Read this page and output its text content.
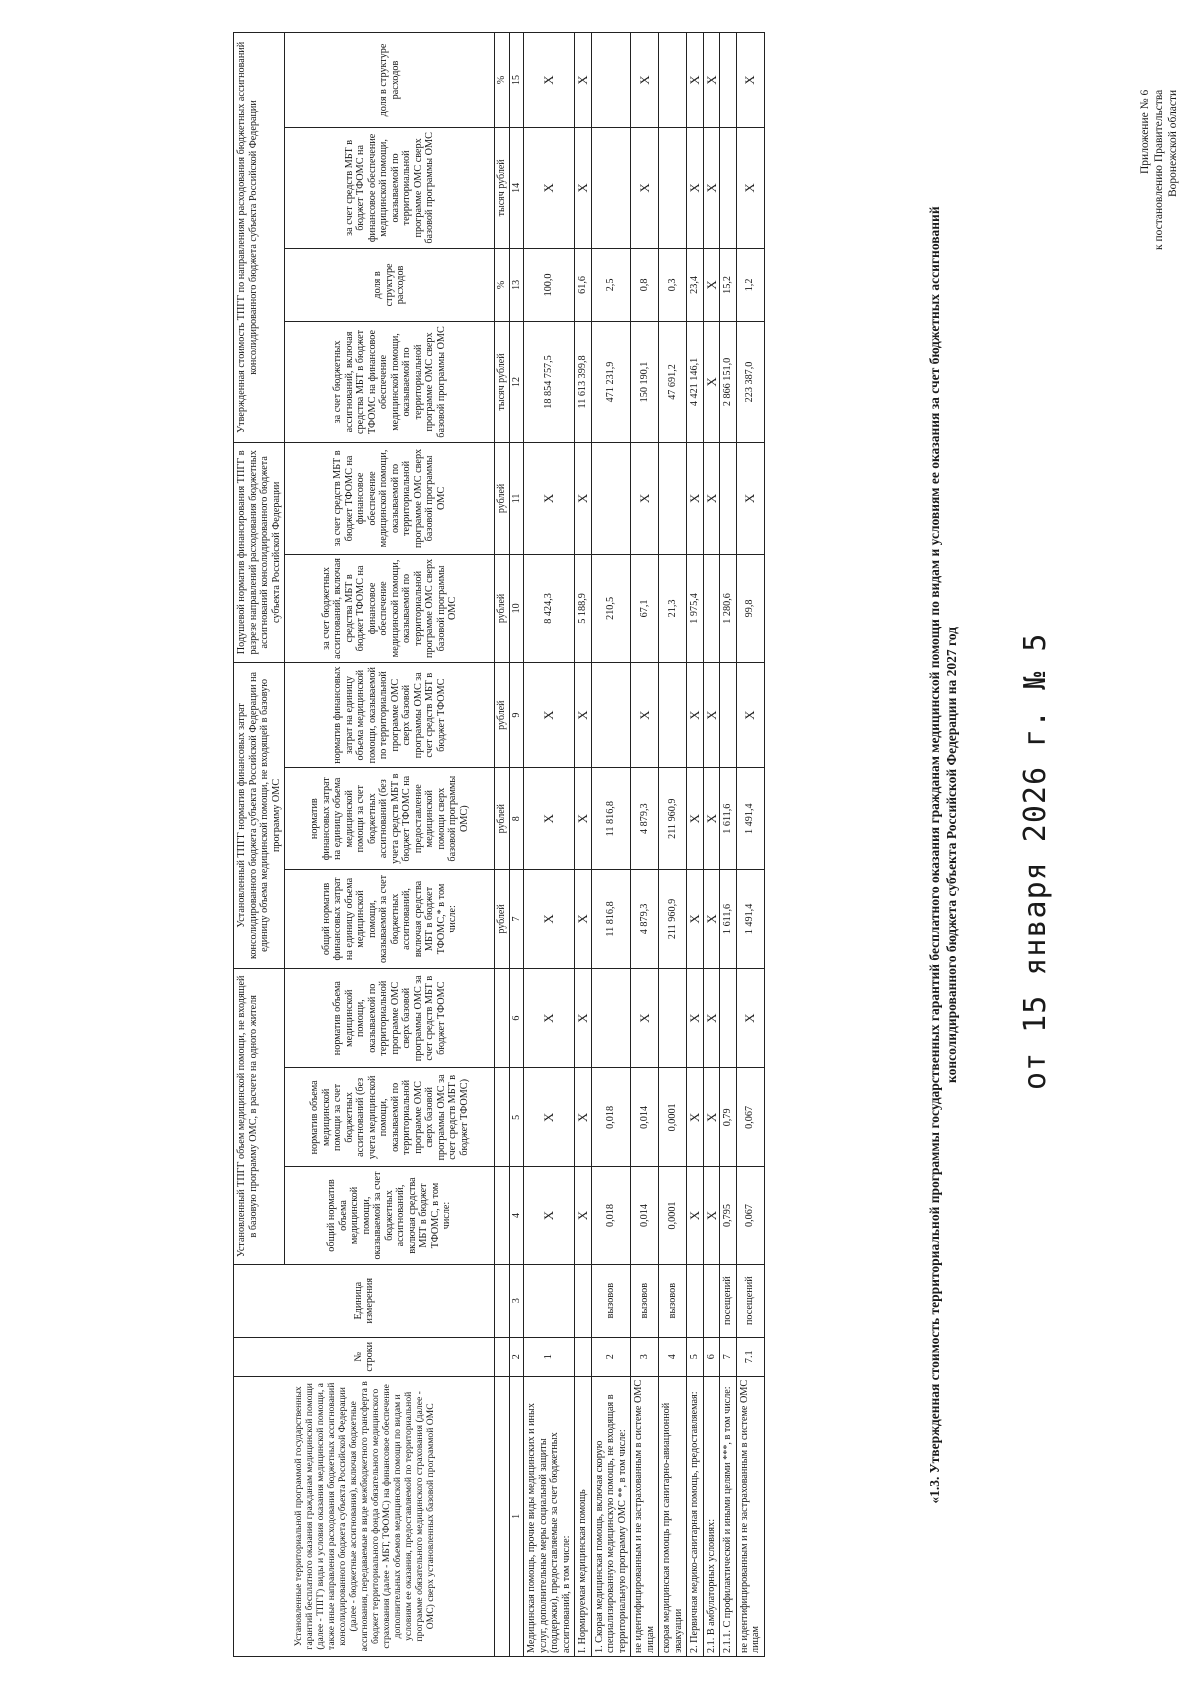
Приложение № 6 к постановлению Правительства Воронежской области
от 15 января 2026 г. № 5
«1.3. Утвержденная стоимость территориальной программы государственных гарантий бесплатного оказания гражданам медицинской помощи по видам и условиям ее оказания за счет бюджетных ассигнований консолидированного бюджета субъекта Российской Федерации на 2027 год
Установленные территориальной программой государственных гарантий бесплатного оказания гражданам медицинской помощи (далее - ТПГГ) виды и условия оказания медицинской помощи, а также иные направления расходования бюджетных ассигнований консолидированного бюджета субъекта Российской Федерации (далее - бюджетные ассигнования), включая бюджетные ассигнования, передаваемые в виде межбюджетного трансферта в бюджет территориального фонда обязательного медицинского страхования (далее - МБТ, ТФОМС) на финансовое обеспечение дополнительных объемов медицинской помощи по видам и условиям ее оказания, предоставляемой по территориальной программе обязательного медицинского страхования (далее - ОМС) сверх установленных базовой программой ОМС	№ строки	Единица измерения	Установленный ТПГГ объем медицинской помощи, не входящей в базовую программу ОМС, в расчете на одного жителя			Установленный ТПГГ норматив финансовых затрат консолидированного бюджета субъекта Российской Федерации на единицу объема медицинской помощи, не входящей в базовую программу ОМС			Подушевой норматив финансирования ТПГГ в разрезе направлений расходования бюджетных ассигнований консолидированного бюджета субъекта Российской Федерации		Утвержденная стоимость ТПГГ по направлениям расходования бюджетных ассигнований консолидированного бюджета субъекта Российской Федерации			
			общий норматив объема медицинской помощи, оказываемой за счет бюджетных ассигнований, включая средства МБТ в бюджет ТФОМС, в том числе:	норматив объема медицинской помощи за счет бюджетных ассигнований (без учета медицинской помощи, оказываемой по территориальной программе ОМС сверх базовой программы ОМС за счет средств МБТ в бюджет ТФОМС)	норматив объема медицинской помощи, оказываемой по территориальной программе ОМС сверх базовой программы ОМС за счет средств МБТ в бюджет ТФОМС	общий норматив финансовых затрат на единицу объема медицинской помощи, оказываемой за счет бюджетных ассигнований, включая средства МБТ в бюджет ТФОМС,* в том числе:	норматив финансовых затрат на единицу объема медицинской помощи за счет бюджетных ассигнований (без учета средств МБТ в бюджет ТФОМС на предоставление медицинской помощи сверх базовой программы ОМС)	норматив финансовых затрат на единицу объема медицинской помощи, оказываемой по территориальной программе ОМС сверх базовой программы ОМС за счет средств МБТ в бюджет ТФОМС	за счет бюджетных ассигнований, включая средства МБТ в бюджет ТФОМС на финансовое обеспечение медицинской помощи, оказываемой по территориальной программе ОМС сверх базовой программы ОМС	за счет средств МБТ в бюджет ТФОМС на финансовое обеспечение медицинской помощи, оказываемой по территориальной программе ОМС сверх базовой программы ОМС	за счет бюджетных ассигнований, включая средства МБТ в бюджет ТФОМС на финансовое обеспечение медицинской помощи, оказываемой по территориальной программе ОМС сверх базовой программы ОМС	доля в структуре расходов	за счет средств МБТ в бюджет ТФОМС на финансовое обеспечение медицинской помощи, оказываемой по территориальной программе ОМС сверх базовой программы ОМС	доля в структуре расходов
						рублей	рублей	рублей	рублей	рублей	тысяч рублей	%	тысяч рублей	%
1	2	3	4	5	6	7	8	9	10	11	12	13	14	15
Медицинская помощь, прочие виды медицинских и иных услуг, дополнительные меры социальной защиты (поддержки), предоставляемые за счет бюджетных ассигнований, в том числе:	1		Х	Х	Х	Х	Х	Х	8 424,3	Х	18 854 757,5	100,0	Х	Х
I. Нормируемая медицинская помощь			Х	Х	Х	Х	Х	Х	5 188,9	Х	11 613 399,8	61,6	Х	Х
1. Скорая медицинская помощь, включая скорую специализированную медицинскую помощь, не входящая в территориальную программу ОМС **, в том числе:	2	вызовов	0,018	0,018		11 816,8	11 816,8		210,5		471 231,9	2,5		
не идентифицированным и не застрахованным в системе ОМС лицам	3	вызовов	0,014	0,014	Х	4 879,3	4 879,3	Х	67,1	Х	150 190,1	0,8	Х	Х
скорая медицинская помощь при санитарно-авиационной эвакуации	4	вызовов	0,0001	0,0001		211 960,9	211 960,9		21,3		47 691,2	0,3		
2. Первичная медико-санитарная помощь, предоставляемая:	5		Х	Х	Х	Х	Х	Х	1 975,4	Х	4 421 146,1	23,4	Х	Х
2.1. В амбулаторных условиях:	6		Х	Х	Х	Х	Х	Х		Х	Х	Х	Х	Х
2.1.1. С профилактической и иными целями ***, в том числе:	7	посещений	0,795	0,79		1 611,6	1 611,6		1 280,6		2 866 151,0	15,2		
не идентифицированным и не застрахованным в системе ОМС лицам	7.1	посещений	0,067	0,067	Х	1 491,4	1 491,4	Х	99,8	Х	223 387,0	1,2	Х	Х
